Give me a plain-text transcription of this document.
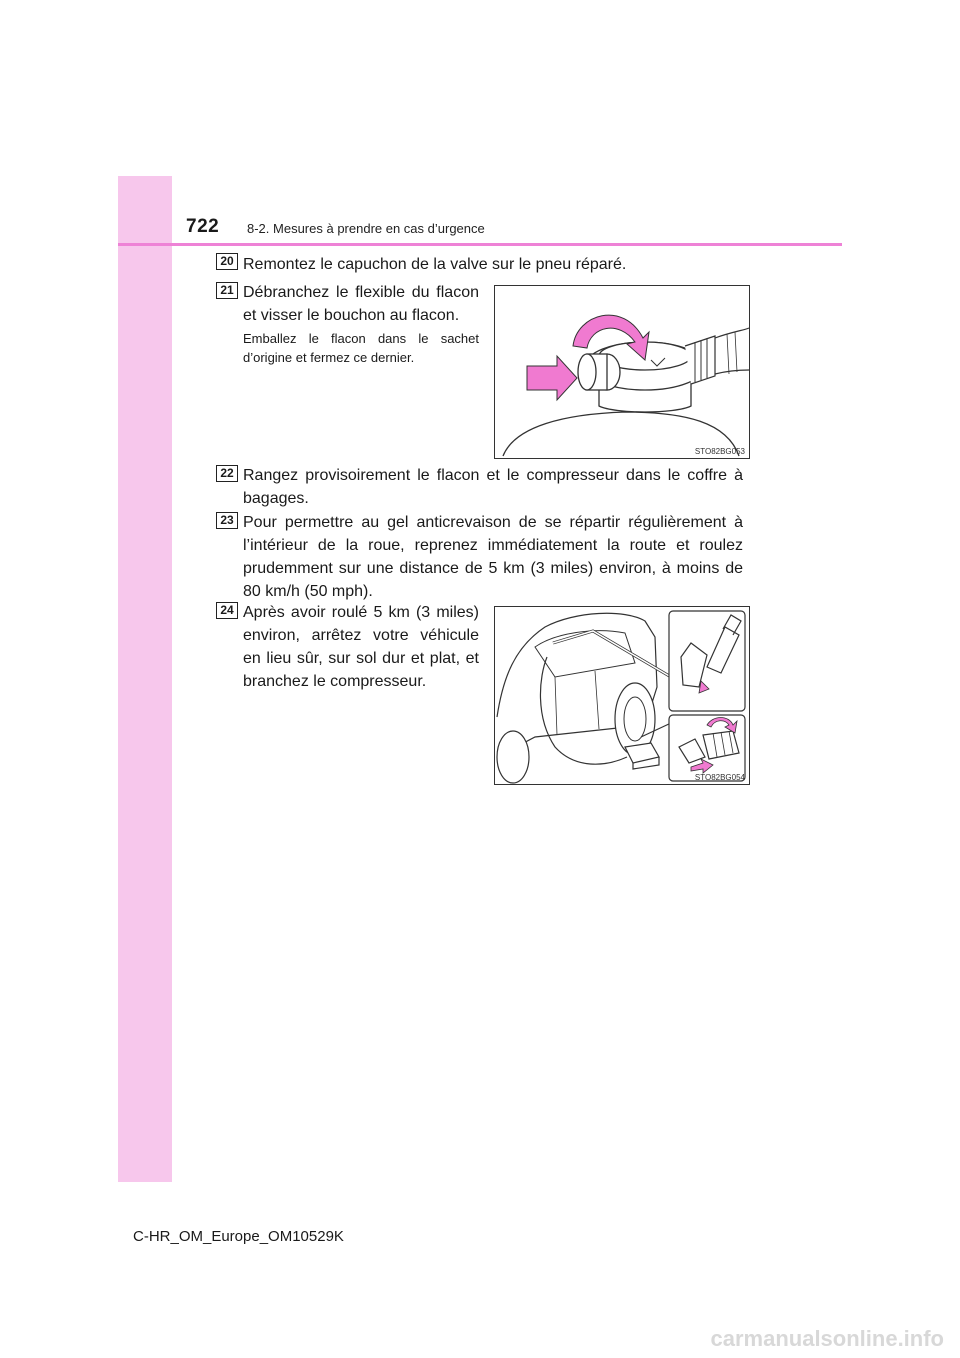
722 8-2. Mesures à prendre en cas d’urgence
20 Remontez le capuchon de la valve sur le pneu réparé.
21 Débranchez le flexible du flacon et visser le bouchon au flacon.
Emballez le flacon dans le sachet d’origine et fermez ce dernier.
STO82BG053
22 Rangez provisoirement le flacon et le compresseur dans le coffre à bagages.
23 Pour permettre au gel anticrevaison de se répartir régulièrement à l’intérieur de la roue, reprenez immédiatement la route et roulez prudemment sur une distance de 5 km (3 miles) environ, à moins de 80 km/h (50 mph).
24 Après avoir roulé 5 km (3 miles) environ, arrêtez votre véhicule en lieu sûr, sur sol dur et plat, et branchez le compresseur.
STO82BG054
C-HR_OM_Europe_OM10529K
carmanualsonline.info
